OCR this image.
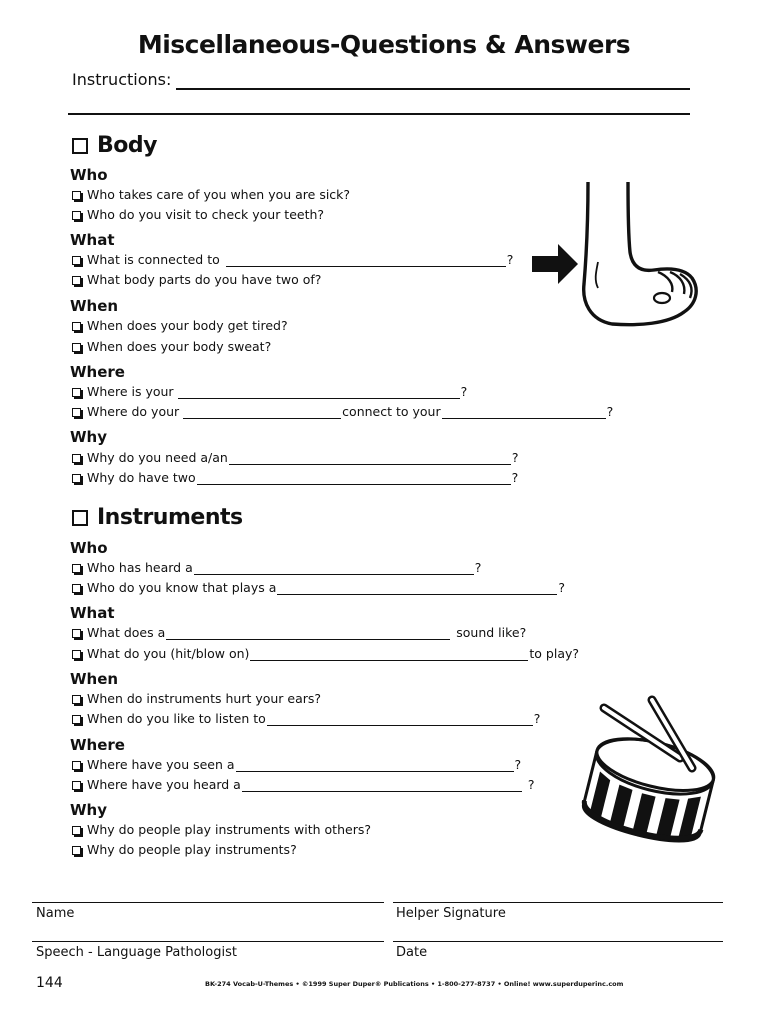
Miscellaneous-Questions & Answers
Instructions:
Body
Who
Who takes care of you when you are sick?
Who do you visit to check your teeth?
What
What is connected to	?
What body parts do you have two of?
When
When does your body get tired?
When does your body sweat?
Where
Where is your	?
Where do your	connect to your	?
Why
Why do you need a/an	?
Why do have two	?
Instruments
Who
Who has heard a	?
Who do you know that plays a	?
What
What does a	sound like?
What do you (hit/blow on)	to play?
When
When do instruments hurt your ears?
When do you like to listen to	?
Where
Where have you seen a	?
Where have you heard a	?
Why
Why do people play instruments with others?
Why do people play instruments?
Name	Helper Signature
Speech - Language Pathologist	Date
144	BK-274 Vocab-U-Themes • ©1999 Super Duper® Publications • 1-800-277-8737 • Online! www.superduperinc.com
